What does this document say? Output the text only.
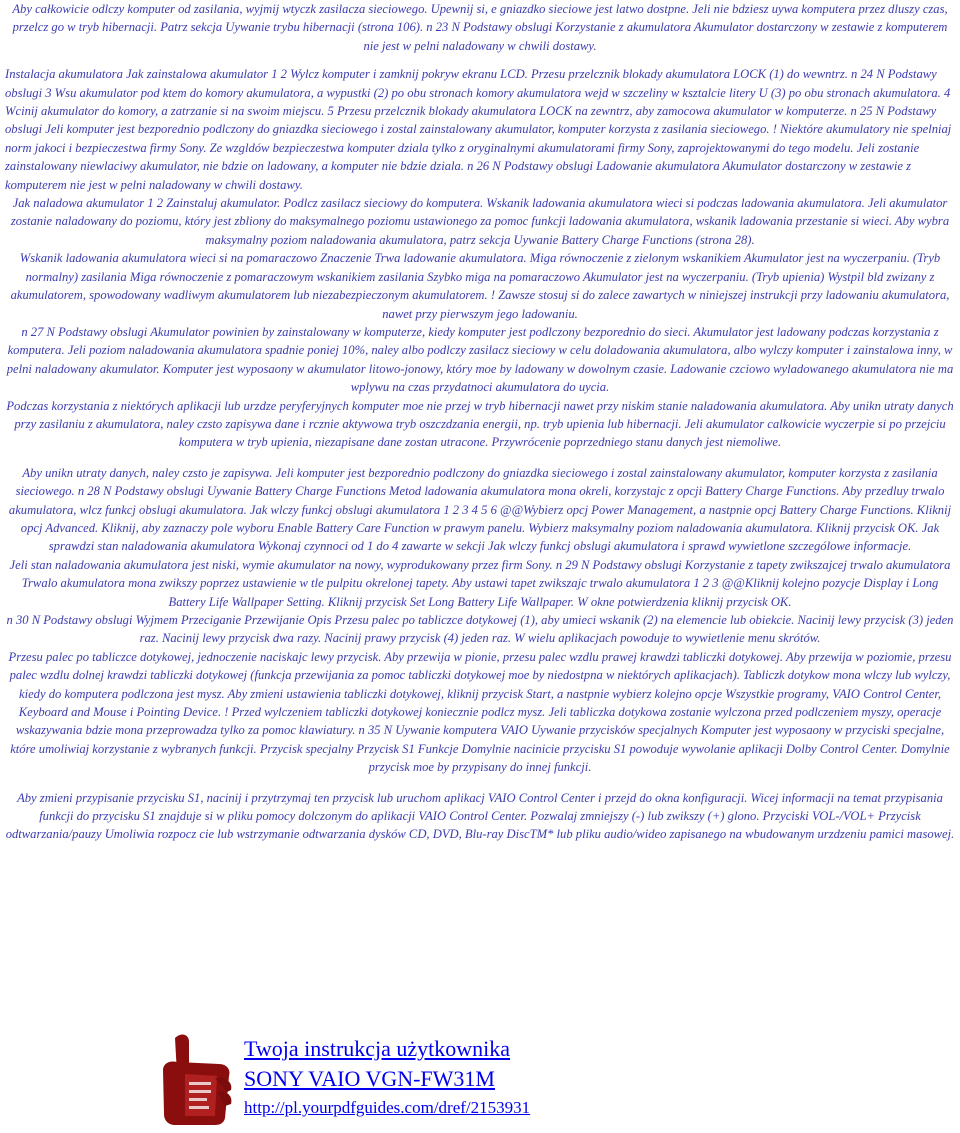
Aby całkowicie odlczy komputer od zasilania, wyjmij wtyczk zasilacza sieciowego. Upewnij si, e gniazdko sieciowe jest latwo dostpne. Jeli nie bdziesz uywa komputera przez dluszy czas, przelcz go w tryb hibernacji. Patrz sekcja Uywanie trybu hibernacji (strona 106). n 23 N Podstawy obslugi Korzystanie z akumulatora Akumulator dostarczony w zestawie z komputerem nie jest w pelni naladowany w chwili dostawy.

Instalacja akumulatora Jak zainstalowa akumulator 1 2 Wylcz komputer i zamknij pokryw ekranu LCD. Przesu przelcznik blokady akumulatora LOCK (1) do wewntrz. n 24 N Podstawy obslugi 3 Wsu akumulator pod ktem do komory akumulatora, a wypustki (2) po obu stronach komory akumulatora wejd w szczeliny w ksztalcie litery U (3) po obu stronach akumulatora. 4 Wcinij akumulator do komory, a zatrzanie si na swoim miejscu. 5 Przesu przelcznik blokady akumulatora LOCK na zewntrz, aby zamocowa akumulator w komputerze. n 25 N Podstawy obslugi Jeli komputer jest bezporednio podlczony do gniazdka sieciowego i zostal zainstalowany akumulator, komputer korzysta z zasilania sieciowego. ! Niektóre akumulatory nie spelniaj norm jakoci i bezpieczestwa firmy Sony. Ze wzgldów bezpieczestwa komputer dziala tylko z oryginalnymi akumulatorami firmy Sony, zaprojektowanymi do tego modelu. Jeli zostanie zainstalowany niewlaciwy akumulator, nie bdzie on ladowany, a komputer nie bdzie dziala. n 26 N Podstawy obslugi Ladowanie akumulatora Akumulator dostarczony w zestawie z komputerem nie jest w pelni naladowany w chwili dostawy.

Jak naladowa akumulator 1 2 Zainstaluj akumulator. Podlcz zasilacz sieciowy do komputera. Wskanik ladowania akumulatora wieci si podczas ladowania akumulatora. Jeli akumulator zostanie naladowany do poziomu, który jest zbliony do maksymalnego poziomu ustawionego za pomoc funkcji ladowania akumulatora, wskanik ladowania przestanie si wieci. Aby wybra maksymalny poziom naladowania akumulatora, patrz sekcja Uywanie Battery Charge Functions (strona 28).

Wskanik ladowania akumulatora wieci si na pomaraczowo Znaczenie Trwa ladowanie akumulatora. Miga równoczenie z zielonym wskanikiem Akumulator jest na wyczerpaniu. (Tryb normalny) zasilania Miga równoczenie z pomaraczowym wskanikiem zasilania Szybko miga na pomaraczowo Akumulator jest na wyczerpaniu. (Tryb upienia) Wystpil bld zwizany z akumulatorem, spowodowany wadliwym akumulatorem lub niezabezpieczonym akumulatorem. ! Zawsze stosuj si do zalece zawartych w niniejszej instrukcji przy ladowaniu akumulatora, nawet przy pierwszym jego ladowaniu.

n 27 N Podstawy obslugi Akumulator powinien by zainstalowany w komputerze, kiedy komputer jest podlczony bezporednio do sieci. Akumulator jest ladowany podczas korzystania z komputera. Jeli poziom naladowania akumulatora spadnie poniej 10%, naley albo podlczy zasilacz sieciowy w celu doladowania akumulatora, albo wylczy komputer i zainstalowa inny, w pelni naladowany akumulator. Komputer jest wyposaony w akumulator litowo-jonowy, który moe by ladowany w dowolnym czasie. Ladowanie czciowo wyladowanego akumulatora nie ma wplywu na czas przydatnoci akumulatora do uycia.

Podczas korzystania z niektórych aplikacji lub urzdze peryferyjnych komputer moe nie przej w tryb hibernacji nawet przy niskim stanie naladowania akumulatora. Aby unikn utraty danych przy zasilaniu z akumulatora, naley czsto zapisywa dane i rcznie aktywowa tryb oszczdzania energii, np. tryb upienia lub hibernacji. Jeli akumulator calkowicie wyczerpie si po przejciu komputera w tryb upienia, niezapisane dane zostan utracone. Przywrócenie poprzedniego stanu danych jest niemoliwe.

Aby unikn utraty danych, naley czsto je zapisywa. Jeli komputer jest bezporednio podlczony do gniazdka sieciowego i zostal zainstalowany akumulator, komputer korzysta z zasilania sieciowego. n 28 N Podstawy obslugi Uywanie Battery Charge Functions Metod ladowania akumulatora mona okreli, korzystajc z opcji Battery Charge Functions. Aby przedluy trwalo akumulatora, wlcz funkcj obslugi akumulatora. Jak wlczy funkcj obslugi akumulatora 1 2 3 4 5 6 @@Wybierz opcj Power Management, a nastpnie opcj Battery Charge Functions. Kliknij opcj Advanced. Kliknij, aby zaznaczy pole wyboru Enable Battery Care Function w prawym panelu. Wybierz maksymalny poziom naladowania akumulatora. Kliknij przycisk OK. Jak sprawdzi stan naladowania akumulatora Wykonaj czynnoci od 1 do 4 zawarte w sekcji Jak wlczy funkcj obslugi akumulatora i sprawd wywietlone szczególowe informacje.

Jeli stan naladowania akumulatora jest niski, wymie akumulator na nowy, wyprodukowany przez firm Sony. n 29 N Podstawy obslugi Korzystanie z tapety zwikszajcej trwalo akumulatora Trwalo akumulatora mona zwikszy poprzez ustawienie w tle pulpitu okrelonej tapety. Aby ustawi tapet zwikszajc trwalo akumulatora 1 2 3 @@Kliknij kolejno pozycje Display i Long Battery Life Wallpaper Setting. Kliknij przycisk Set Long Battery Life Wallpaper. W okne potwierdzenia kliknij przycisk OK.

n 30 N Podstawy obslugi Wyjmem Przeciganie Przewijanie Opis Przesu palec po tabliczce dotykowej (1), aby umieci wskanik (2) na elemencie lub obiekcie. Nacinij lewy przycisk (3) jeden raz. Nacinij lewy przycisk dwa razy. Nacinij prawy przycisk (4) jeden raz. W wielu aplikacjach powoduje to wywietlenie menu skrótów.

Przesu palec po tabliczce dotykowej, jednoczenie naciskajc lewy przycisk. Aby przewija w pionie, przesu palec wzdlu prawej krawdzi tabliczki dotykowej. Aby przewija w poziomie, przesu palec wzdlu dolnej krawdzi tabliczki dotykowej (funkcja przewijania za pomoc tabliczki dotykowej moe by niedostpna w niektórych aplikacjach). Tabliczk dotykow mona wlczy lub wylczy, kiedy do komputera podlczona jest mysz. Aby zmieni ustawienia tabliczki dotykowej, kliknij przycisk Start, a nastpnie wybierz kolejno opcje Wszystkie programy, VAIO Control Center, Keyboard and Mouse i Pointing Device. ! Przed wylczeniem tabliczki dotykowej koniecznie podlcz mysz. Jeli tabliczka dotykowa zostanie wylczona przed podlczeniem myszy, operacje wskazywania bdzie mona przeprowadza tylko za pomoc klawiatury. n 35 N Uywanie komputera VAIO Uywanie przycisków specjalnych Komputer jest wyposaony w przyciski specjalne, które umoliwiaj korzystanie z wybranych funkcji. Przycisk specjalny Przycisk S1 Funkcje Domylnie nacinicie przycisku S1 powoduje wywolanie aplikacji Dolby Control Center. Domylnie przycisk moe by przypisany do innej funkcji.

Aby zmieni przypisanie przycisku S1, nacinij i przytrzymaj ten przycisk lub uruchom aplikacj VAIO Control Center i przejd do okna konfiguracji. Wicej informacji na temat przypisania funkcji do przycisku S1 znajduje si w pliku pomocy dolczonym do aplikacji VAIO Control Center. Pozwalaj zmniejszy (-) lub zwikszy (+) glono. Przyciski VOL-/VOL+ Przycisk odtwarzania/pauzy Umoliwia rozpocz cie lub wstrzymanie odtwarzania dysków CD, DVD, Blu-ray DiscTM* lub pliku audio/wideo zapisanego na wbudowanym urzdzeniu pamici masowej.

Twoja instrukcja użytkownika
SONY VAIO VGN-FW31M
http://pl.yourpdfguides.com/dref/2153931
